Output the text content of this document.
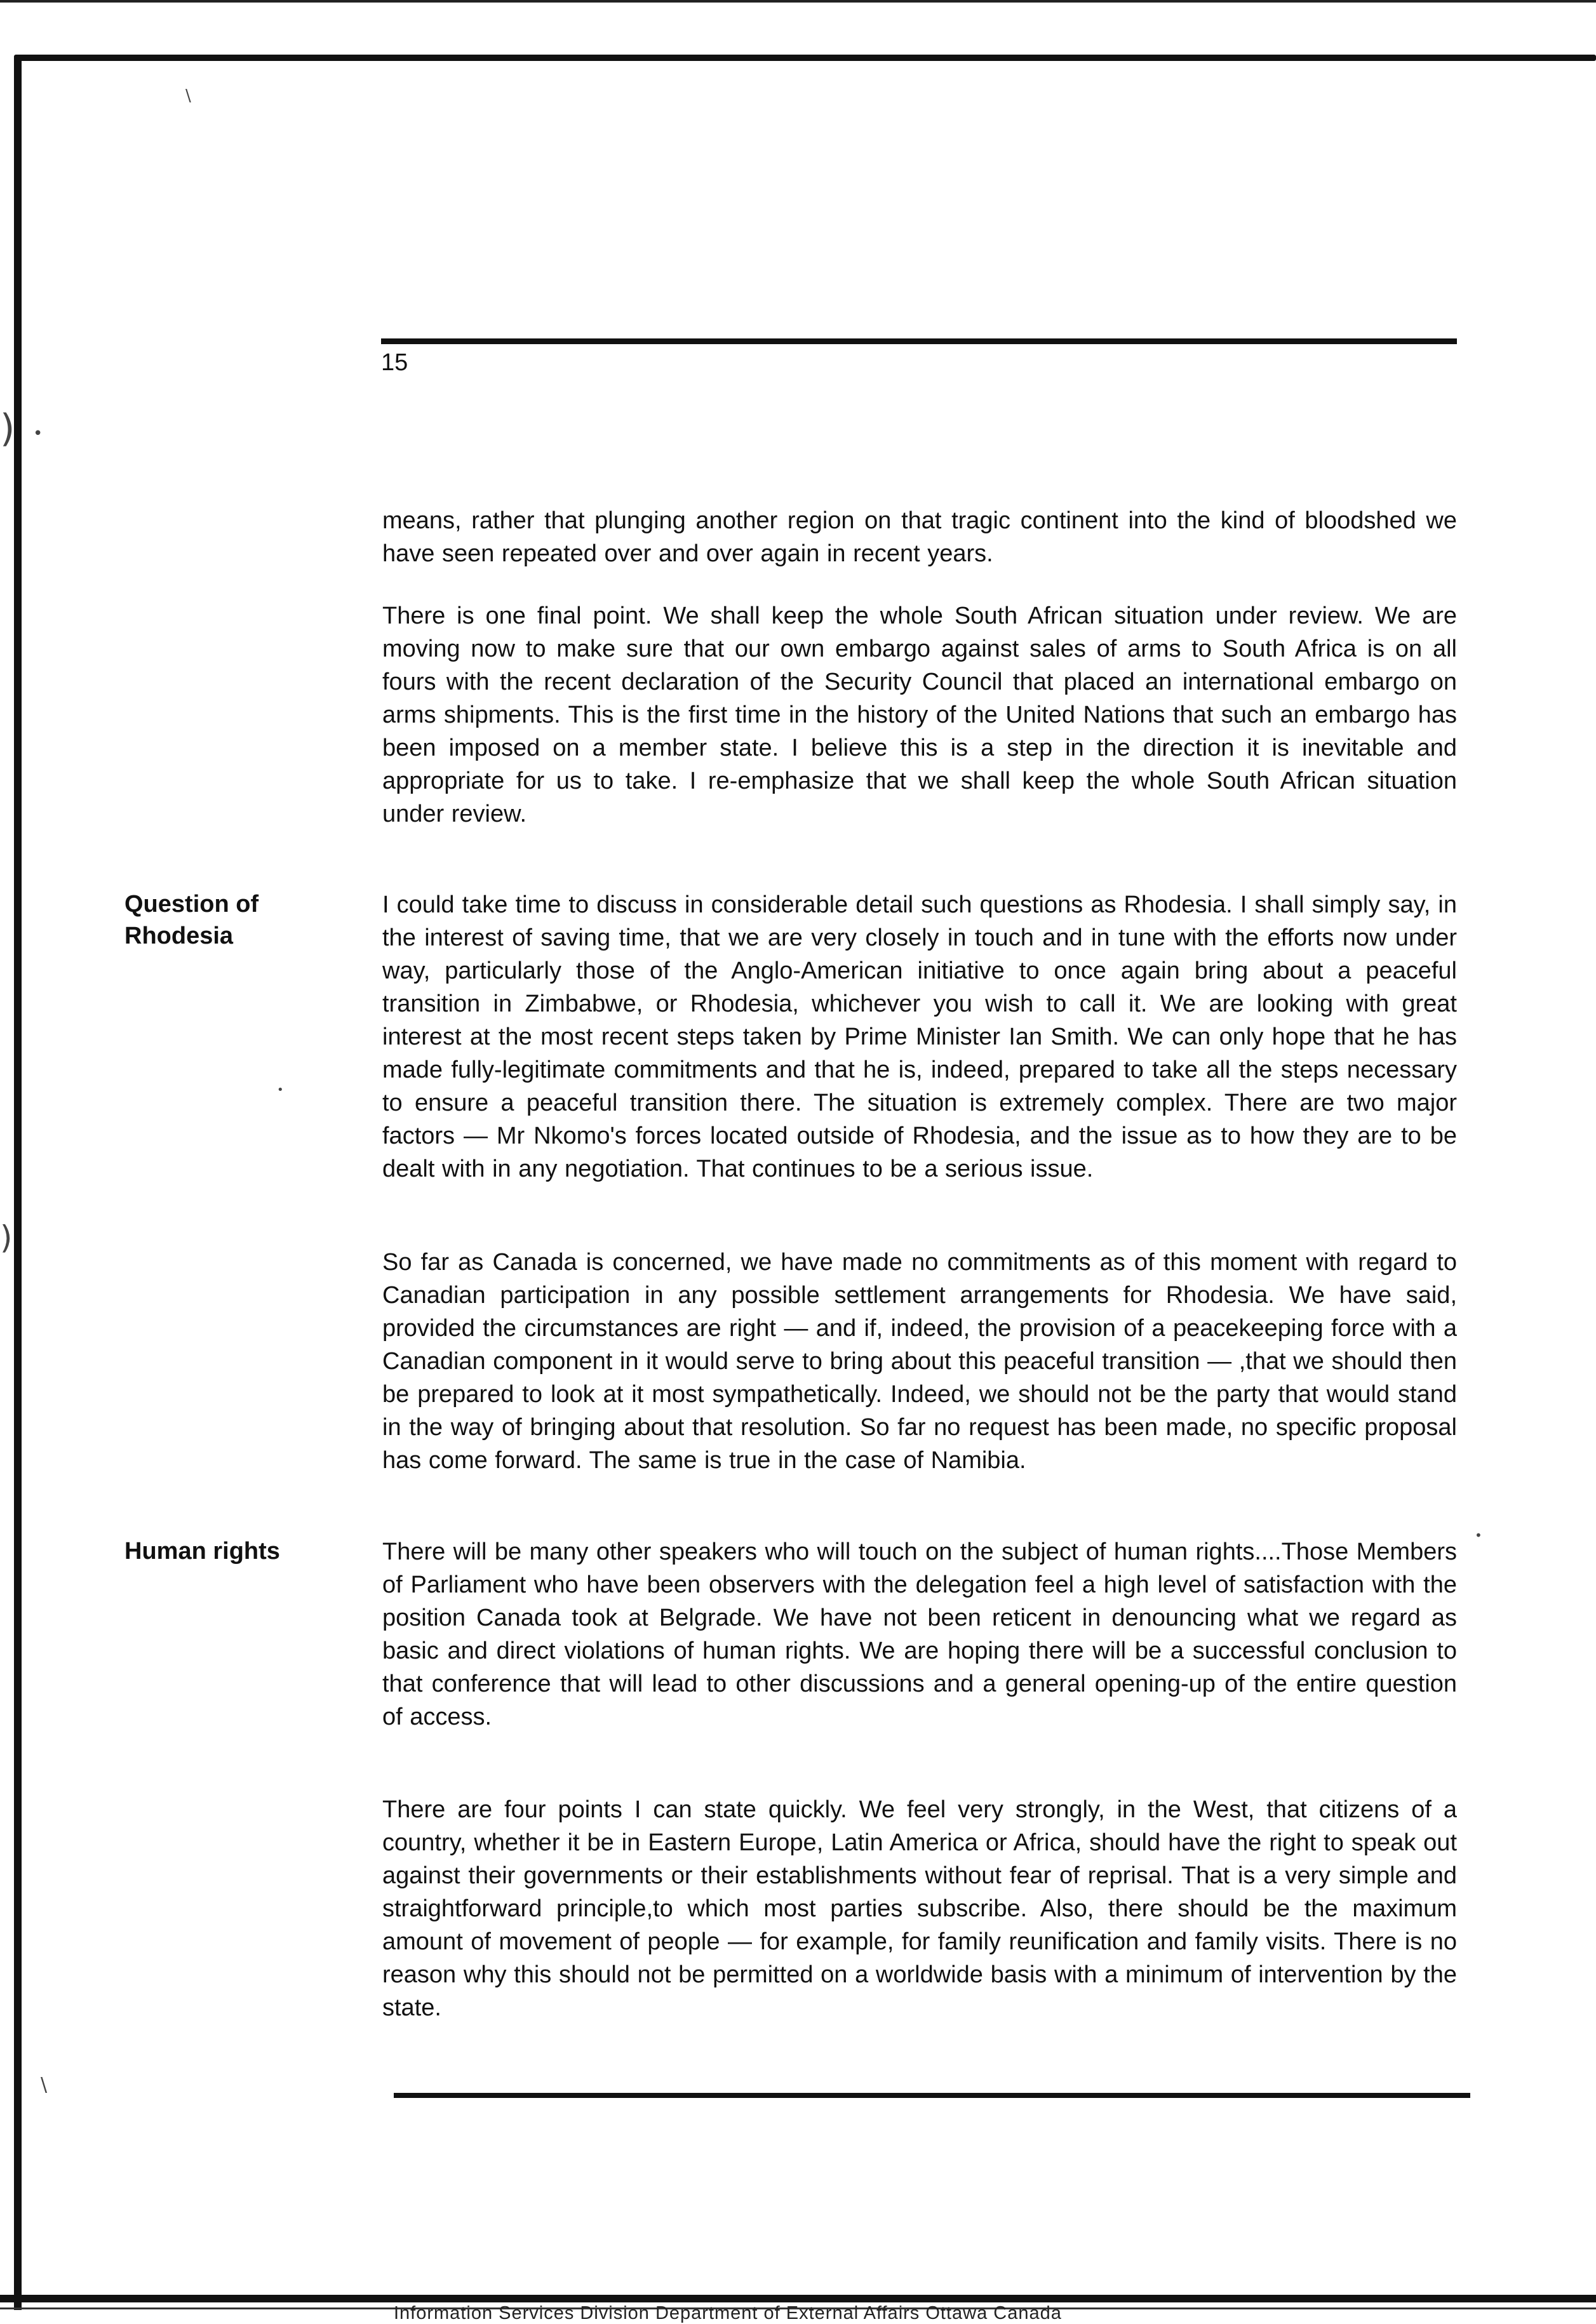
) •
)
\
•
•
\
15

means, rather that plunging another region on that tragic continent into the kind of bloodshed we have seen repeated over and over again in recent years.

There is one final point. We shall keep the whole South African situation under review. We are moving now to make sure that our own embargo against sales of arms to South Africa is on all fours with the recent declaration of the Security Council that placed an international embargo on arms shipments. This is the first time in the history of the United Nations that such an embargo has been imposed on a member state. I believe this is a step in the direction it is inevitable and appropriate for us to take. I re-emphasize that we shall keep the whole South African situation under review.

Question of Rhodesia

I could take time to discuss in considerable detail such questions as Rhodesia. I shall simply say, in the interest of saving time, that we are very closely in touch and in tune with the efforts now under way, particularly those of the Anglo-American initiative to once again bring about a peaceful transition in Zimbabwe, or Rhodesia, whichever you wish to call it. We are looking with great interest at the most recent steps taken by Prime Minister Ian Smith. We can only hope that he has made fully-legitimate commitments and that he is, indeed, prepared to take all the steps necessary to ensure a peaceful transition there. The situation is extremely complex. There are two major factors — Mr Nkomo's forces located outside of Rhodesia, and the issue as to how they are to be dealt with in any negotiation. That continues to be a serious issue.

So far as Canada is concerned, we have made no commitments as of this moment with regard to Canadian participation in any possible settlement arrangements for Rhodesia. We have said, provided the circumstances are right — and if, indeed, the provision of a peacekeeping force with a Canadian component in it would serve to bring about this peaceful transition — ,that we should then be prepared to look at it most sympathetically. Indeed, we should not be the party that would stand in the way of bringing about that resolution. So far no request has been made, no specific proposal has come forward. The same is true in the case of Namibia.

Human rights	There will be many other speakers who will touch on the subject of human rights....Those Members of Parliament who have been observers with the delegation feel a high level of satisfaction with the position Canada took at Belgrade. We have not been reticent in denouncing what we regard as basic and direct violations of human rights. We are hoping there will be a successful conclusion to that conference that will lead to other discussions and a general opening-up of the entire question of access.

There are four points I can state quickly. We feel very strongly, in the West, that citizens of a country, whether it be in Eastern Europe, Latin America or Africa, should have the right to speak out against their governments or their establishments without fear of reprisal. That is a very simple and straightforward principle,to which most parties subscribe. Also, there should be the maximum amount of movement of people — for example, for family reunification and family visits. There is no reason why this should not be permitted on a worldwide basis with a minimum of intervention by the state.

Information Services Division Department of External Affairs Ottawa Canada
